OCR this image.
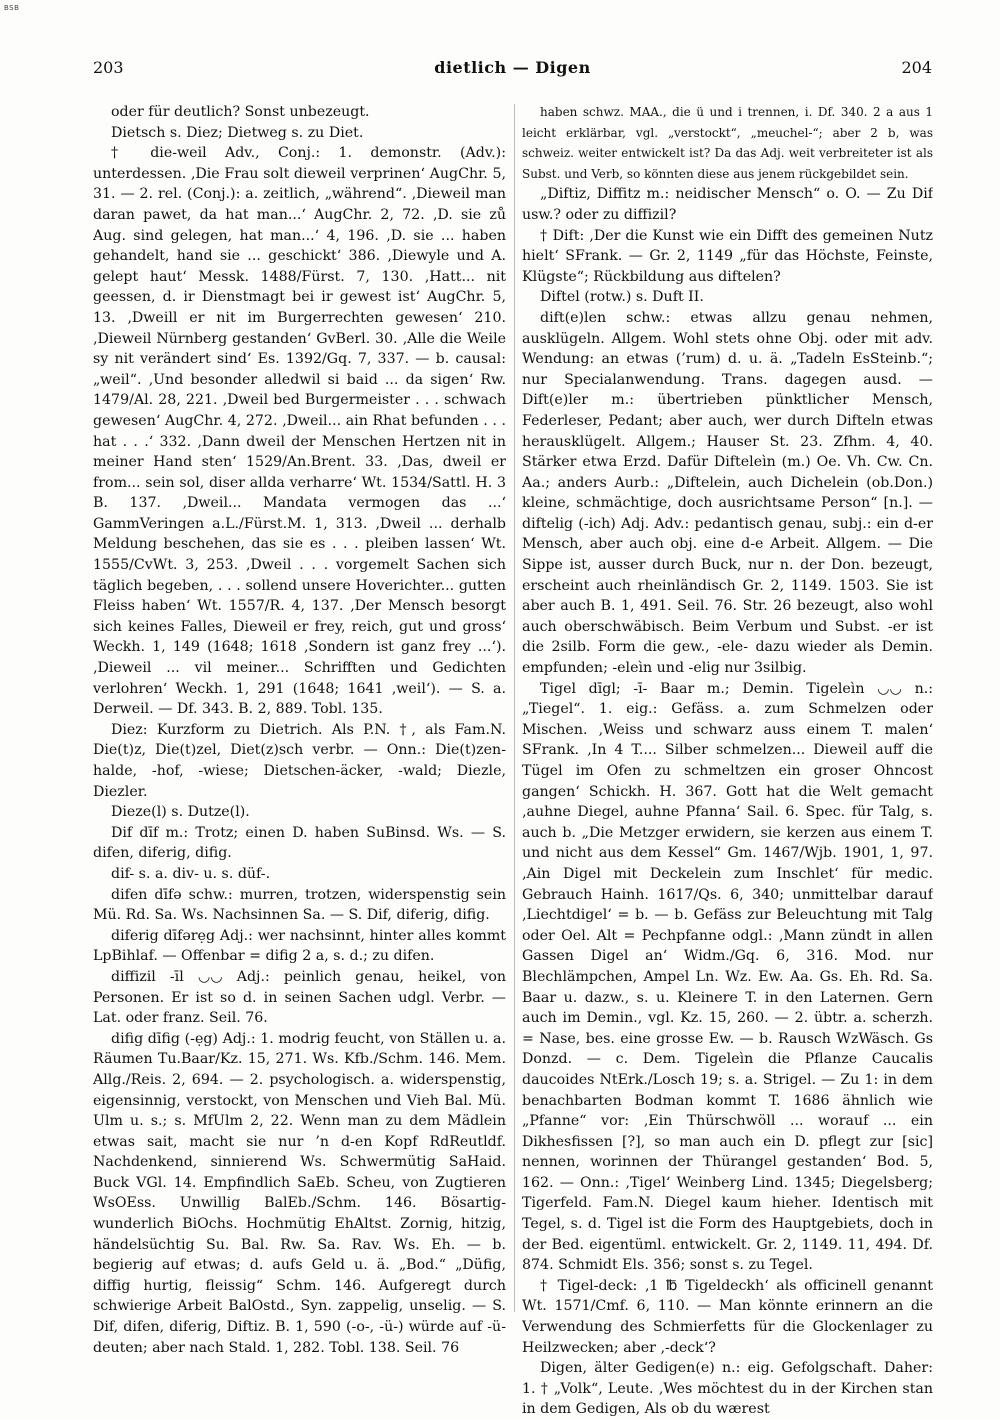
BSB
203	dietlich — Digen	204

oder für deutlich? Sonst unbezeugt.

Dietsch s. Diez; Dietweg s. zu Diet.

† die-weil Adv., Conj.: 1. demonstr. (Adv.): unterdessen. ‚Die Frau solt dieweil verprinen‘ AugChr. 5, 31. — 2. rel. (Conj.): a. zeitlich, „während“. ‚Dieweil man daran pawet, da hat man...‘ AugChr. 2, 72. ‚D. sie zů Aug. sind gelegen, hat man...‘ 4, 196. ‚D. sie ... haben gehandelt, hand sie ... geschickt‘ 386. ‚Diewyle und A. gelept haut‘ Messk. 1488/Fürst. 7, 130. ‚Hatt... nit geessen, d. ir Dienstmagt bei ir gewest ist‘ AugChr. 5, 13. ‚Dweill er nit im Burgerrechten gewesen‘ 210. ‚Dieweil Nürnberg gestanden‘ GvBerl. 30. ‚Alle die Weile sy nit verändert sind‘ Es. 1392/Gq. 7, 337. — b. causal: „weil“. ‚Und besonder alledwil si baid ... da sigen‘ Rw. 1479/Al. 28, 221. ‚Dweil bed Burgermeister . . . schwach gewesen‘ AugChr. 4, 272. ‚Dweil... ain Rhat befunden . . . hat . . .‘ 332. ‚Dann dweil der Menschen Hertzen nit in meiner Hand sten‘ 1529/An.Brent. 33. ‚Das, dweil er from... sein sol, diser allda verharre‘ Wt. 1534/Sattl. H. 3 B. 137. ‚Dweil... Mandata vermogen das ...‘ GammVeringen a.L./Fürst.M. 1, 313. ‚Dweil ... derhalb Meldung beschehen, das sie es . . . pleiben lassen‘ Wt. 1555/CvWt. 3, 253. ‚Dweil . . . vorgemelt Sachen sich täglich begeben, . . . sollend unsere Hoverichter... gutten Fleiss haben‘ Wt. 1557/R. 4, 137. ‚Der Mensch besorgt sich keines Falles, Dieweil er frey, reich, gut und gross‘ Weckh. 1, 149 (1648; 1618 ‚Sondern ist ganz frey ...‘). ‚Dieweil ... vil meiner... Schrifften und Gedichten verlohren‘ Weckh. 1, 291 (1648; 1641 ‚weil‘). — S. a. Derweil. — Df. 343. B. 2, 889. Tobl. 135.

Diez: Kurzform zu Dietrich. Als P.N. †, als Fam.N. Die(t)z, Die(t)zel, Diet(z)sch verbr. — Onn.: Die(t)zen-halde, -hof, -wiese; Dietschen-äcker, -wald; Diezle, Diezler.

Dieze(l) s. Dutze(l).

Dif dīf m.: Trotz; einen D. haben SuBinsd. Ws. — S. difen, diferig, difig.

dif- s. a. div- u. s. düf-.

difen dīfə schw.: murren, trotzen, widerspenstig sein Mü. Rd. Sa. Ws. Nachsinnen Sa. — S. Dif, diferig, difig.

diferig dīfərẹg Adj.: wer nachsinnt, hinter alles kommt LpBihlaf. — Offenbar = difig 2 a, s. d.; zu difen.

diffizil -īl ◡◡ Adj.: peinlich genau, heikel, von Personen. Er ist so d. in seinen Sachen udgl. Verbr. — Lat. oder franz. Seil. 76.

difig dīfig (-ẹg) Adj.: 1. modrig feucht, von Ställen u. a. Räumen Tu.Baar/Kz. 15, 271. Ws. Kfb./Schm. 146. Mem. Allg./Reis. 2, 694. — 2. psychologisch. a. widerspenstig, eigensinnig, verstockt, von Menschen und Vieh Bal. Mü. Ulm u. s.; s. MfUlm 2, 22. Wenn man zu dem Mädlein etwas sait, macht sie nur ’n d-en Kopf RdReutldf. Nachdenkend, sinnierend Ws. Schwermütig SaHaid. Buck VGl. 14. Empfindlich SaEb. Scheu, von Zugtieren WsOEss. Unwillig BalEb./Schm. 146. Bösartig-wunderlich BiOchs. Hochmütig EhAltst. Zornig, hitzig, händelsüchtig Su. Bal. Rw. Sa. Rav. Ws. Eh. — b. begierig auf etwas; d. aufs Geld u. ä. „Bod.“ „Düfig, diffig hurtig, fleissig“ Schm. 146. Aufgeregt durch schwierige Arbeit BalOstd., Syn. zappelig, unselig. — S. Dif, difen, diferig, Diftiz. B. 1, 590 (-o-, -ü-) würde auf -ü- deuten; aber nach Stald. 1, 282. Tobl. 138. Seil. 76

haben schwz. MAA., die ü und i trennen, i. Df. 340. 2 a aus 1 leicht erklärbar, vgl. „verstockt“, „meuchel-“; aber 2 b, was schweiz. weiter entwickelt ist? Da das Adj. weit verbreiteter ist als Subst. und Verb, so könnten diese aus jenem rückgebildet sein.

„Diftiz, Diffitz m.: neidischer Mensch“ o. O. — Zu Dif usw.? oder zu diffizil?

† Dift: ‚Der die Kunst wie ein Difft des gemeinen Nutz hielt‘ SFrank. — Gr. 2, 1149 „für das Höchste, Feinste, Klügste“; Rückbildung aus diftelen?

Diftel (rotw.) s. Duft II.

dift(e)len schw.: etwas allzu genau nehmen, ausklügeln. Allgem. Wohl stets ohne Obj. oder mit adv. Wendung: an etwas (’rum) d. u. ä. „Tadeln EsSteinb.“; nur Specialanwendung. Trans. dagegen ausd. — Dift(e)ler m.: übertrieben pünktlicher Mensch, Federleser, Pedant; aber auch, wer durch Difteln etwas herausklügelt. Allgem.; Hauser St. 23. Zfhm. 4, 40. Stärker etwa Erzd. Dafür Difteleìn (m.) Oe. Vh. Cw. Cn. Aa.; anders Aurb.: „Diftelein, auch Dichelein (ob.Don.) kleine, schmächtige, doch ausrichtsame Person“ [n.]. — diftelig (-ich) Adj. Adv.: pedantisch genau, subj.: ein d-er Mensch, aber auch obj. eine d-e Arbeit. Allgem. — Die Sippe ist, ausser durch Buck, nur n. der Don. bezeugt, erscheint auch rheinländisch Gr. 2, 1149. 1503. Sie ist aber auch B. 1, 491. Seil. 76. Str. 26 bezeugt, also wohl auch oberschwäbisch. Beim Verbum und Subst. -er ist die 2silb. Form die gew., -ele- dazu wieder als Demin. empfunden; -eleìn und -elig nur 3silbig.

Tigel dīgl; -ī- Baar m.; Demin. Tigeleìn ◡◡ n.: „Tiegel“. 1. eig.: Gefäss. a. zum Schmelzen oder Mischen. ‚Weiss und schwarz auss einem T. malen‘ SFrank. ‚In 4 T.... Silber schmelzen... Dieweil auff die Tügel im Ofen zu schmeltzen ein groser Ohncost gangen‘ Schickh. H. 367. Gott hat die Welt gemacht ‚auhne Diegel, auhne Pfanna‘ Sail. 6. Spec. für Talg, s. auch b. „Die Metzger erwidern, sie kerzen aus einem T. und nicht aus dem Kessel“ Gm. 1467/Wjb. 1901, 1, 97. ‚Ain Digel mit Deckelein zum Inschlet‘ für medic. Gebrauch Hainh. 1617/Qs. 6, 340; unmittelbar darauf ‚Liechtdigel‘ = b. — b. Gefäss zur Beleuchtung mit Talg oder Oel. Alt = Pechpfanne odgl.: ‚Mann zündt in allen Gassen Digel an‘ Widm./Gq. 6, 316. Mod. nur Blechlämpchen, Ampel Ln. Wz. Ew. Aa. Gs. Eh. Rd. Sa. Baar u. dazw., s. u. Kleinere T. in den Laternen. Gern auch im Demin., vgl. Kz. 15, 260. — 2. übtr. a. scherzh. = Nase, bes. eine grosse Ew. — b. Rausch WzWäsch. Gs Donzd. — c. Dem. Tigeleìn die Pflanze Caucalis daucoides NtErk./Losch 19; s. a. Strigel. — Zu 1: in dem benachbarten Bodman kommt T. 1686 ähnlich wie „Pfanne“ vor: ‚Ein Thürschwöll ... worauf ... ein Dikhesfissen [?], so man auch ein D. pflegt zur [sic] nennen, worinnen der Thürangel gestanden‘ Bod. 5, 162. — Onn.: ‚Tigel‘ Weinberg Lind. 1345; Diegelsberg; Tigerfeld. Fam.N. Diegel kaum hieher. Identisch mit Tegel, s. d. Tigel ist die Form des Hauptgebiets, doch in der Bed. eigentüml. entwickelt. Gr. 2, 1149. 11, 494. Df. 874. Schmidt Els. 356; sonst s. zu Tegel.

† Tigel-deck: ‚1 ℔ Tigeldeckh‘ als officinell genannt Wt. 1571/Cmf. 6, 110. — Man könnte erinnern an die Verwendung des Schmierfetts für die Glockenlager zu Heilzwecken; aber ‚-deck‘?

Digen, älter Gedigen(e) n.: eig. Gefolgschaft. Daher: 1. † „Volk“, Leute. ‚Wes möchtest du in der Kirchen stan in dem Gedigen, Als ob du wærest
